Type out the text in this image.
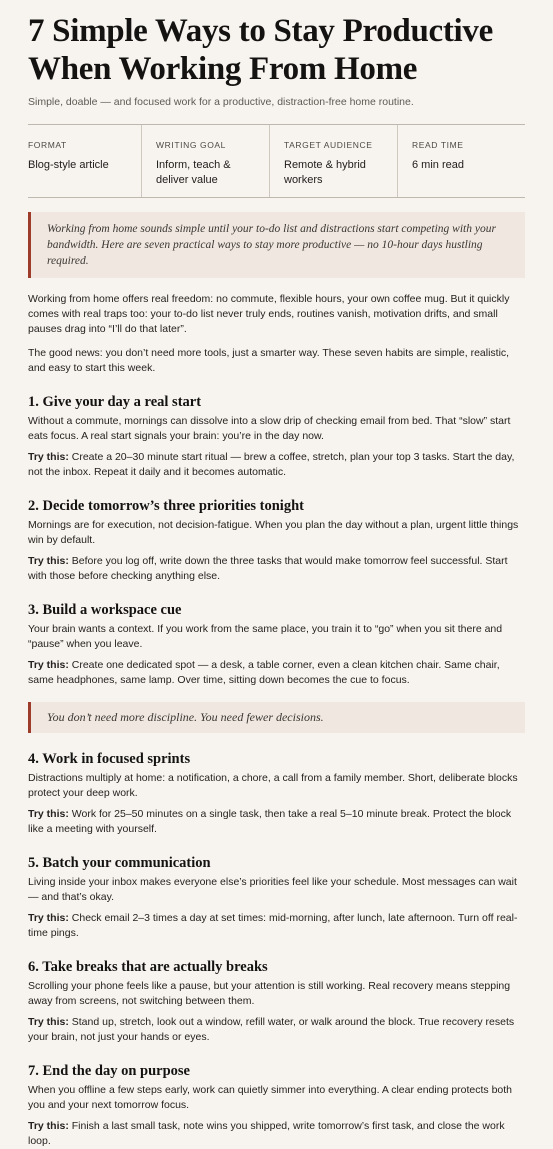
7 Simple Ways to Stay Productive When Working From Home
Simple, doable — and focused work for a productive, distraction-free home routine.
FORMAT
Blog-style article
WRITING GOAL
Inform, teach & deliver value
TARGET AUDIENCE
Remote & hybrid workers
READ TIME
6 min read
Working from home sounds simple until your to-do list and distractions start competing with your bandwidth. Here are seven practical ways to stay more productive — no 10-hour days hustling required.

Working from home offers real freedom: no commute, flexible hours, your own coffee mug. But it quickly comes with real traps too: your to-do list never truly ends, routines vanish, motivation drifts, and small pauses drag into “I’ll do that later”.

The good news: you don’t need more tools, just a smarter way. These seven habits are simple, realistic, and easy to start this week.

1. Give your day a real start
Without a commute, mornings can dissolve into a slow drip of checking email from bed. That “slow” start eats focus. A real start signals your brain: you’re in the day now.
Try this: Create a 20–30 minute start ritual — brew a coffee, stretch, plan your top 3 tasks. Start the day, not the inbox. Repeat it daily and it becomes automatic.
2. Decide tomorrow’s three priorities tonight
Mornings are for execution, not decision-fatigue. When you plan the day without a plan, urgent little things win by default.
Try this: Before you log off, write down the three tasks that would make tomorrow feel successful. Start with those before checking anything else.
3. Build a workspace cue
Your brain wants a context. If you work from the same place, you train it to “go” when you sit there and “pause” when you leave.
Try this: Create one dedicated spot — a desk, a table corner, even a clean kitchen chair. Same chair, same headphones, same lamp. Over time, sitting down becomes the cue to focus.
You don’t need more discipline. You need fewer decisions.
4. Work in focused sprints
Distractions multiply at home: a notification, a chore, a call from a family member. Short, deliberate blocks protect your deep work.
Try this: Work for 25–50 minutes on a single task, then take a real 5–10 minute break. Protect the block like a meeting with yourself.
5. Batch your communication
Living inside your inbox makes everyone else’s priorities feel like your schedule. Most messages can wait — and that’s okay.
Try this: Check email 2–3 times a day at set times: mid-morning, after lunch, late afternoon. Turn off real-time pings.
6. Take breaks that are actually breaks
Scrolling your phone feels like a pause, but your attention is still working. Real recovery means stepping away from screens, not switching between them.
Try this: Stand up, stretch, look out a window, refill water, or walk around the block. True recovery resets your brain, not just your hands or eyes.
7. End the day on purpose
When you offline a few steps early, work can quietly simmer into everything. A clear ending protects both you and your next tomorrow focus.
Try this: Finish a last small task, note wins you shipped, write tomorrow’s first task, and close the work loop.
